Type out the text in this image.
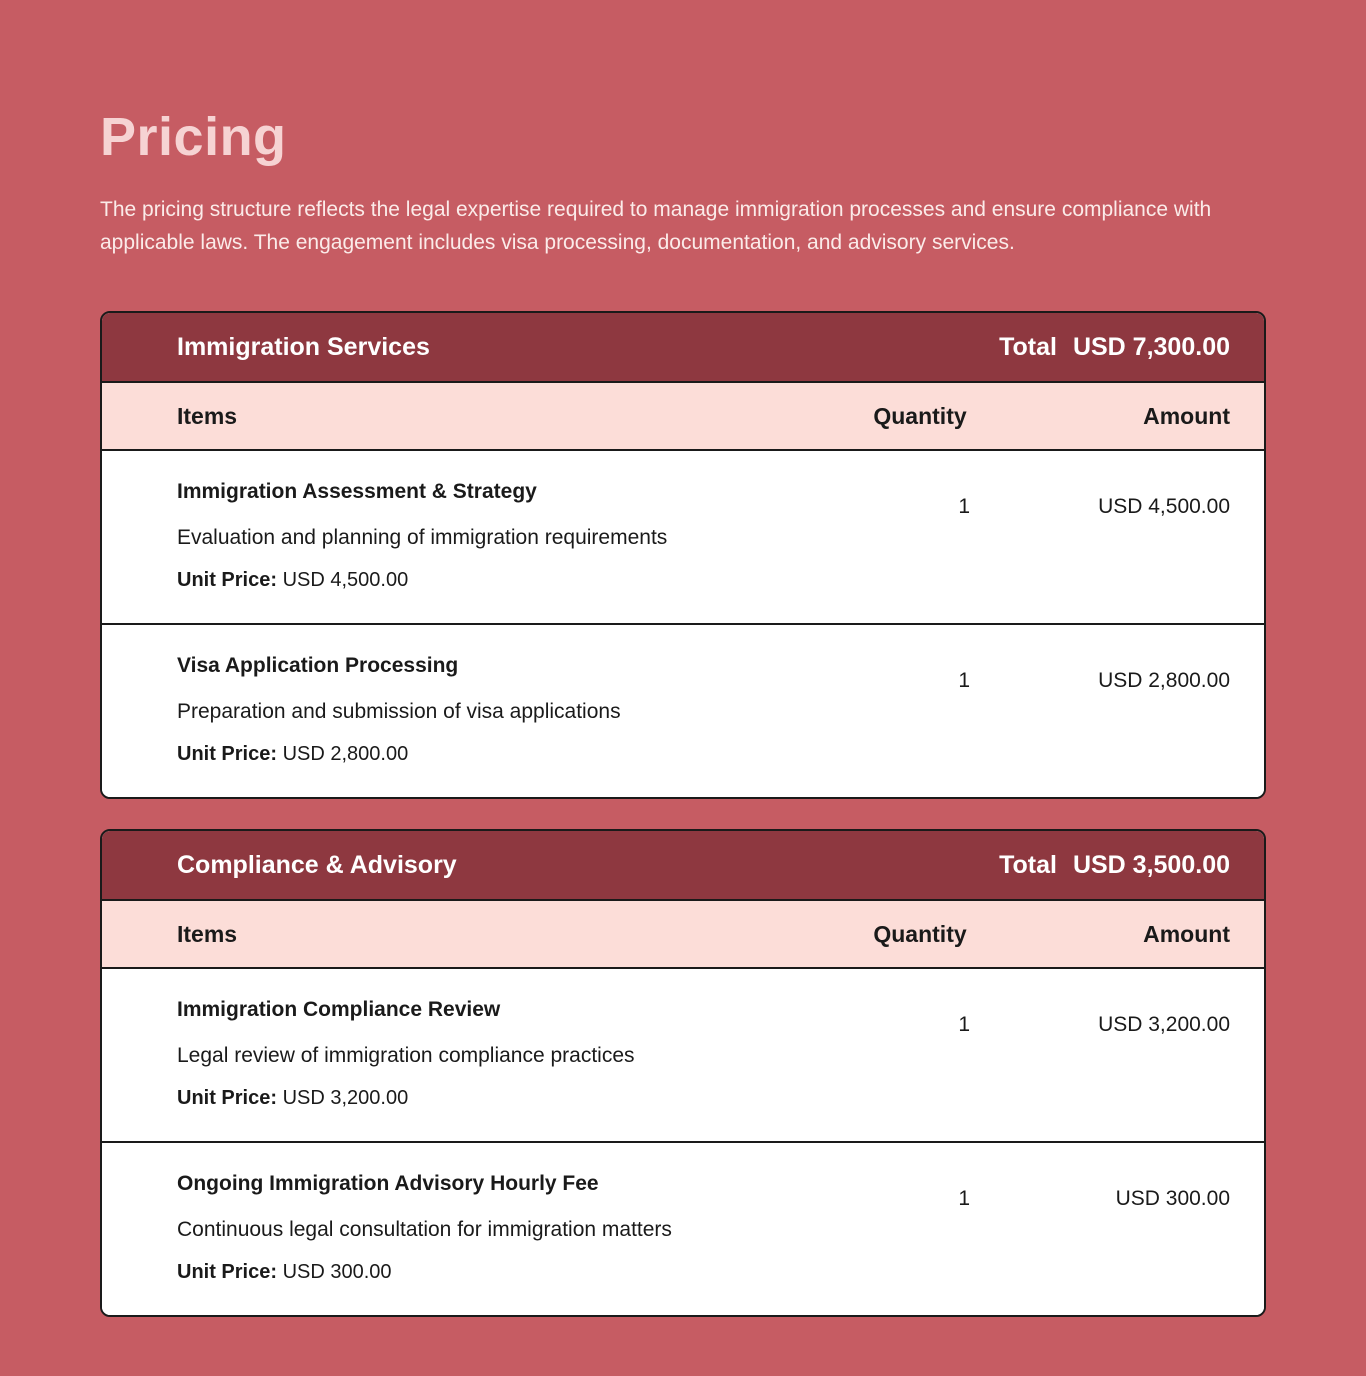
Pricing

The pricing structure reflects the legal expertise required to manage immigration processes and ensure compliance with applicable laws. The engagement includes visa processing, documentation, and advisory services.

Immigration Services	Total USD 7,300.00
Items	Quantity	Amount
Immigration Assessment & Strategy
Evaluation and planning of immigration requirements
Unit Price: USD 4,500.00
1	USD 4,500.00
Visa Application Processing
Preparation and submission of visa applications
Unit Price: USD 2,800.00
1	USD 2,800.00
Compliance & Advisory	Total USD 3,500.00
Items	Quantity	Amount
Immigration Compliance Review
Legal review of immigration compliance practices
Unit Price: USD 3,200.00
1	USD 3,200.00
Ongoing Immigration Advisory Hourly Fee
Continuous legal consultation for immigration matters
Unit Price: USD 300.00
1	USD 300.00
